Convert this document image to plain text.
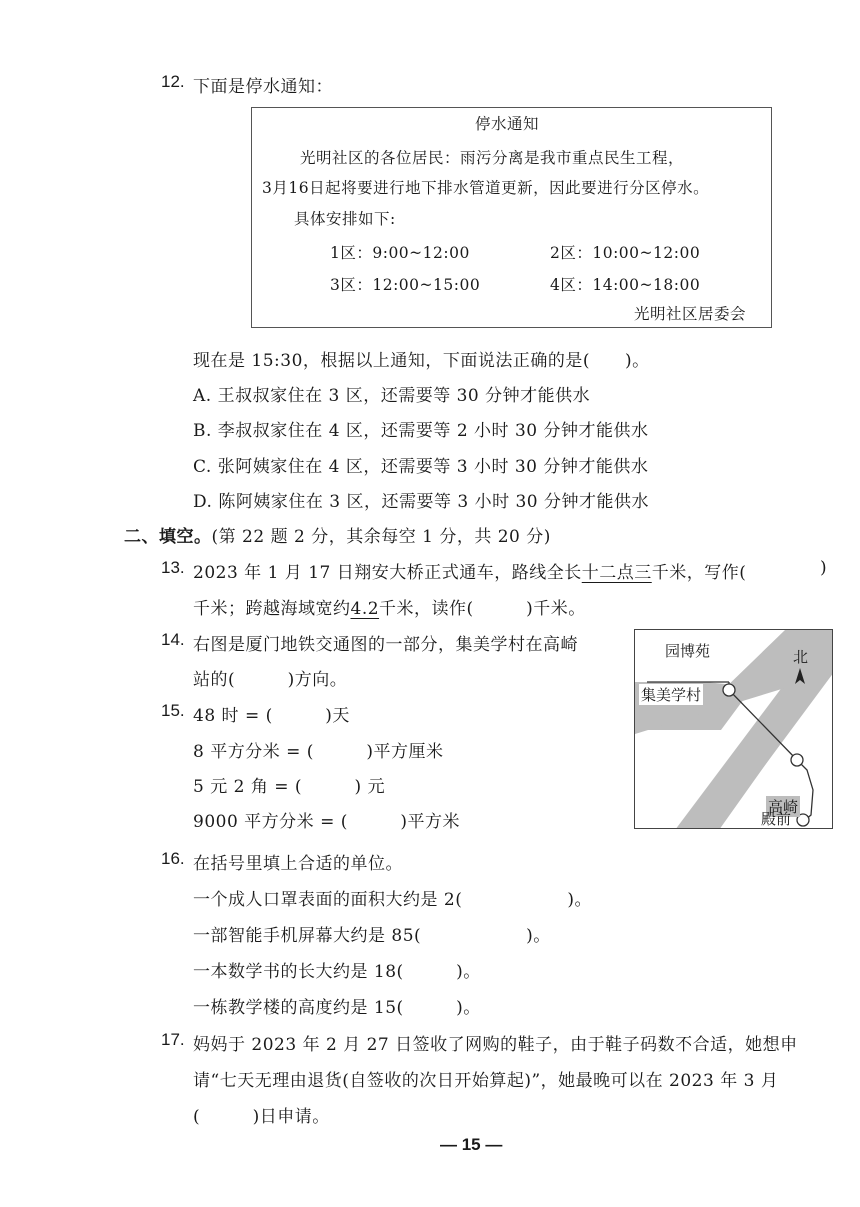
12. 下面是停水通知：
停水通知
光明社区的各位居民：雨污分离是我市重点民生工程，
3月16日起将要进行地下排水管道更新，因此要进行分区停水。
具体安排如下:
1区：9:00~12:00	2区：10:00~12:00
3区：12:00~15:00	4区：14:00~18:00
光明社区居委会
现在是 15:30，根据以上通知，下面说法正确的是(　　)。
A. 王叔叔家住在 3 区，还需要等 30 分钟才能供水
B. 李叔叔家住在 4 区，还需要等 2 小时 30 分钟才能供水
C. 张阿姨家住在 4 区，还需要等 3 小时 30 分钟才能供水
D. 陈阿姨家住在 3 区，还需要等 3 小时 30 分钟才能供水
二、填空。(第 22 题 2 分，其余每空 1 分，共 20 分)
13. 2023 年 1 月 17 日翔安大桥正式通车，路线全长十二点三千米，写作(	)
千米；跨越海域宽约4.2千米，读作(　　　)千米。
14. 右图是厦门地铁交通图的一部分，集美学村在高崎
站的(　　　)方向。
园博苑
集美学村
高崎
殿前
北
15. 48 时 = (　　　)天
8 平方分米 = (　　　)平方厘米
5 元 2 角 = (　　　) 元
9000 平方分米 = (　　　)平方米
16. 在括号里填上合适的单位。
一个成人口罩表面的面积大约是 2(　　　　　　)。
一部智能手机屏幕大约是 85(　　　　　　)。
一本数学书的长大约是 18(　　　)。
一栋教学楼的高度约是 15(　　　)。
17. 妈妈于 2023 年 2 月 27 日签收了网购的鞋子，由于鞋子码数不合适，她想申
请“七天无理由退货(自签收的次日开始算起)”，她最晚可以在 2023 年 3 月
(　　　)日申请。
— 15 —
